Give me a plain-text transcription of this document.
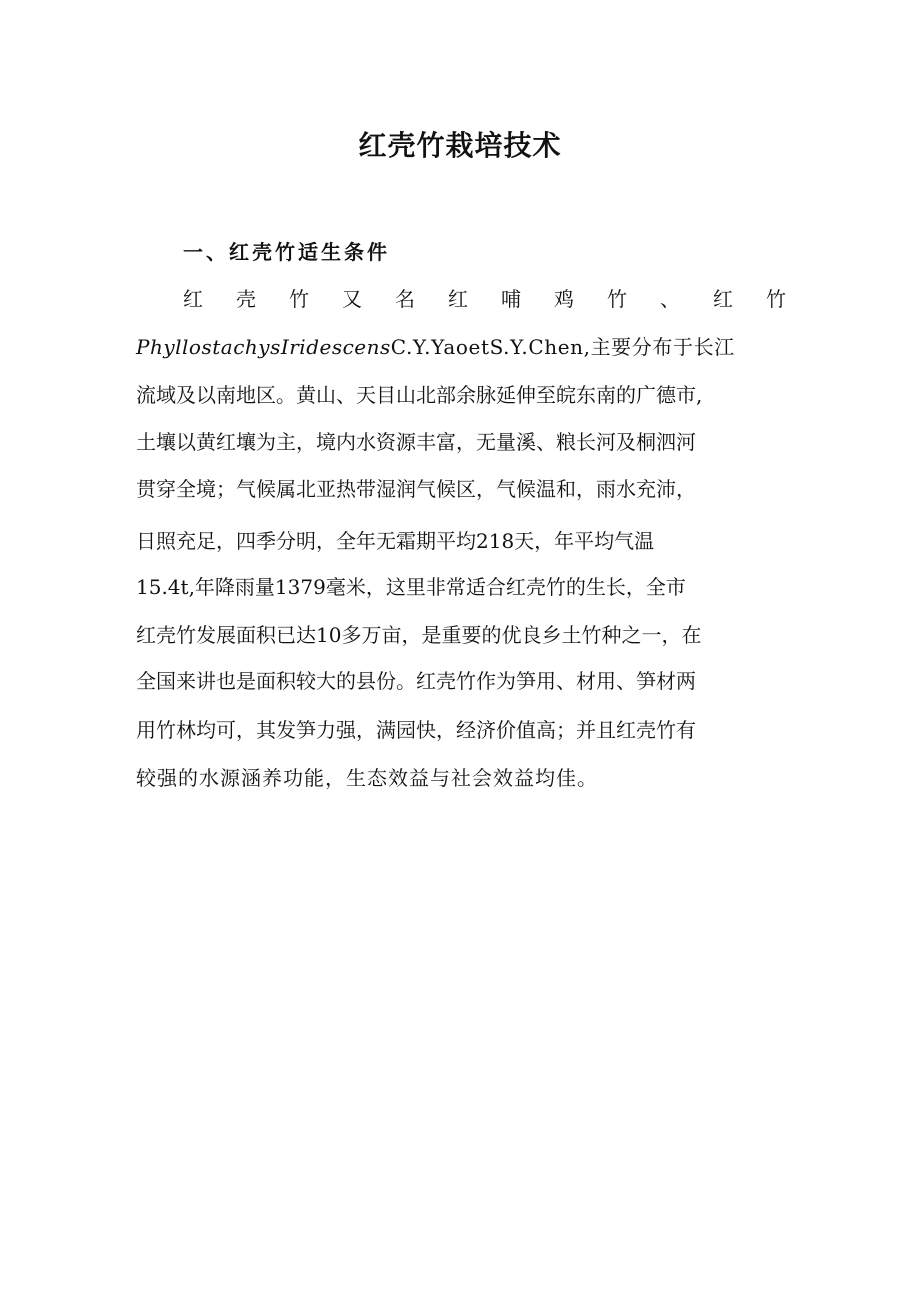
红壳竹栽培技术
一、红壳竹适生条件
红壳竹又名红哺鸡竹、红竹
PhyllostachysIridescensC.Y.YaoetS.Y.Chen,主要分布于长江
流域及以南地区。黄山、天目山北部余脉延伸至皖东南的广德市,
土壤以黄红壤为主，境内水资源丰富，无量溪、粮长河及桐泗河
贯穿全境；气候属北亚热带湿润气候区，气候温和，雨水充沛，
日照充足，四季分明，全年无霜期平均218天，年平均气温
15.4t,年降雨量1379毫米，这里非常适合红壳竹的生长，全市
红壳竹发展面积已达10多万亩，是重要的优良乡土竹种之一，在
全国来讲也是面积较大的县份。红壳竹作为笋用、材用、笋材两
用竹林均可，其发笋力强，满园快，经济价值高；并且红壳竹有
较强的水源涵养功能，生态效益与社会效益均佳。
